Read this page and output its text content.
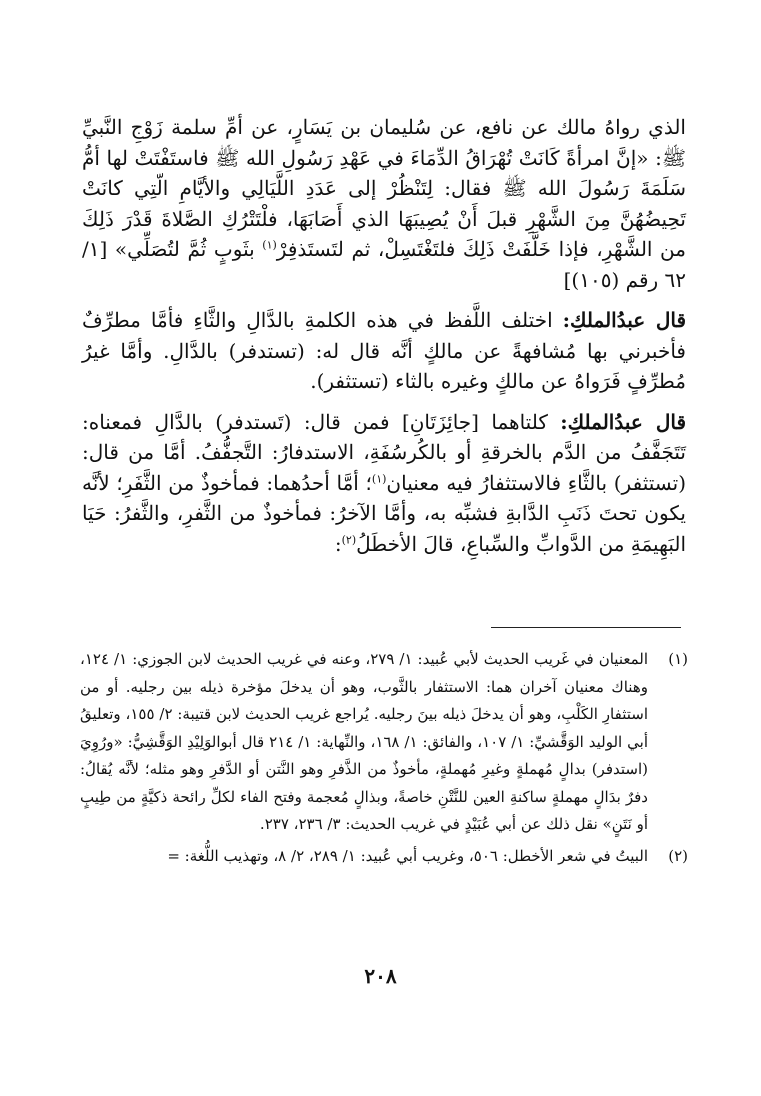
الذي رواهُ مالك عن نافع، عن سُليمان بن يَسَارٍ، عن أمِّ سلمة زَوْجِ النَّبيِّ ﷺ: «إنَّ امرأةً كَانَتْ تُهْرَاقُ الدِّمَاءَ في عَهْدِ رَسُولِ الله ﷺ فاستَفْتَتْ لها أمُّ سَلَمَةَ رَسُولَ الله ﷺ فقال: لِتَنْظُرْ إلى عَدَدِ اللَّيَالِي والأيَّامِ الّتِي كانَتْ تَحِيضُهُنَّ مِنَ الشَّهْرِ قبلَ أَنْ يُصِيبَهَا الذي أَصَابَهَا، فلْتَتْرُكِ الصَّلاةَ قَدْرَ ذَلِكَ من الشَّهْرِ، فإذا خَلَّفَتْ ذَلِكَ فلتَغْتَسِلْ، ثم لتَستَذفِرْ$^{(١)}$ بثَوبٍ ثُمَّ لتُصَلِّي» [١/ ٦٢ رقم (١٠٥)]

قال عبدُالملكِ: اختلف اللَّفظ في هذه الكلمةِ بالدَّالِ والثَّاءِ فأمَّا مطرِّفٌ فأخبرني بها مُشافهةً عن مالكٍ أنَّه قال له: (تستدفر) بالدَّالِ. وأمَّا غيرُ مُطرِّفٍ فَرَواهُ عن مالكٍ وغيره بالثاء (تستثفر).

قال عبدُالملكِ: كلتاهما [جائِزَتَانِ] فمن قال: (تَستدفر) بالدَّالِ فمعناه: تَتَجَفَّفُ من الدَّم بالخرقةِ أو بالكُرسُفَةِ، الاستدفارُ: التَّجفُّفُ. أمَّا من قال: (تستثفر) بالثَّاءِ فالاستثفارُ فيه معنيان$^{(١)}$؛ أمَّا أحدُهما: فمأخوذٌ من الثَّفَرِ؛ لأنَّه يكون تحتَ ذَنَبِ الدَّابةِ فشبِّه به، وأمَّا الآخرُ: فمأخوذٌ من الثَّفرِ، والثَّفرُ: حَيَا البَهِيمَةِ من الدَّوابِّ والسِّباعِ، قالَ الأخطَلُ$^{(٢)}$:

(١)
المعنيان في غَريب الحديث لأبي عُبيد: ١/ ٢٧٩، وعنه في غريب الحديث لابن الجوزي: ١/ ١٢٤، وهناك معنيان آخران هما: الاستثفار بالثَّوب، وهو أن يدخلَ مؤخرة ذيله بين رجليه. أو من استثفارِ الكَلْبِ، وهو أن يدخلَ ذيله بينَ رجليه. يُراجع غريب الحديث لابن قتيبة: ٢/ ١٥٥، وتعليقُ أبي الوليد الوَقَّشيِّ: ١/ ١٠٧، والفائق: ١/ ١٦٨، والنِّهاية: ١/ ٢١٤ قال أبوالوَلِيْدِ الوَقَّشِيُّ: «ورُوِيَ (استدفر) بدالٍ مُهملةٍ وغيرِ مُهملةٍ، مأخوذٌ من الذَّفرِ وهو النَّتن أو الدَّفرِ وهو مثله؛ لأنَّه يُقالُ: دفرٌ بدَالٍ مهملةٍ ساكنةِ العين للنَّتْنِ خاصةً، وبذالٍ مُعجمة وفتح الفاء لكلِّ رائحة ذكيَّةٍ من طِيبٍ أو نَتَنٍ» نقل ذلك عن أبي عُبَيْدٍ في غريب الحديث: ٣/ ٢٣٦، ٢٣٧.
(٢)
البيتُ في شعر الأخطل: ٥٠٦، وغريب أبي عُبيد: ١/ ٢٨٩، ٢/ ٨، وتهذيب اللُّغة: =
٢٠٨
